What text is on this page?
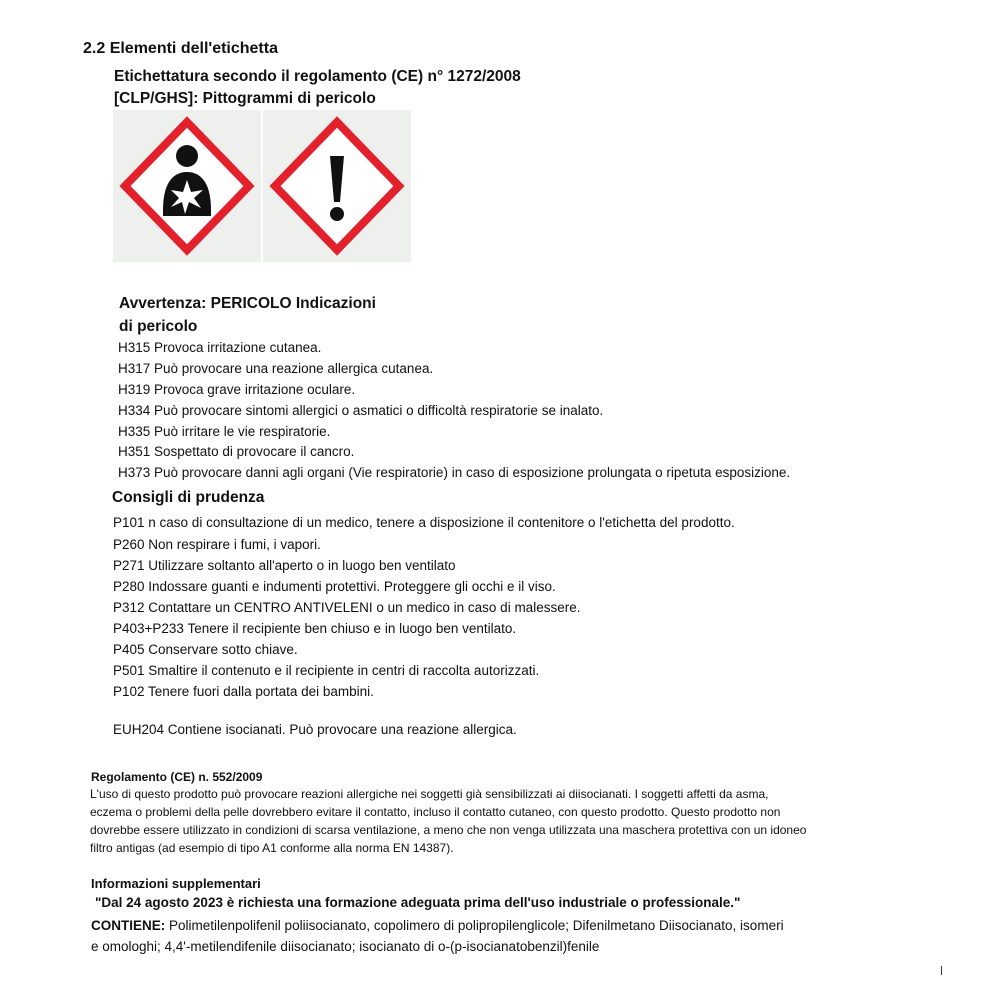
2.2 Elementi dell'etichetta
Etichettatura secondo il regolamento (CE) n° 1272/2008
[CLP/GHS]: Pittogrammi di pericolo
Avvertenza: PERICOLO Indicazioni
di pericolo
H315 Provoca irritazione cutanea.
H317 Può provocare una reazione allergica cutanea.
H319 Provoca grave irritazione oculare.
H334 Può provocare sintomi allergici o asmatici o difficoltà respiratorie se inalato.
H335 Può irritare le vie respiratorie.
H351 Sospettato di provocare il cancro.
H373 Può provocare danni agli organi (Vie respiratorie) in caso di esposizione prolungata o ripetuta esposizione.
Consigli di prudenza
P101 n caso di consultazione di un medico, tenere a disposizione il contenitore o l'etichetta del prodotto.
P260 Non respirare i fumi, i vapori.
P271 Utilizzare soltanto all'aperto o in luogo ben ventilato
P280 Indossare guanti e indumenti protettivi. Proteggere gli occhi e il viso.
P312 Contattare un CENTRO ANTIVELENI o un medico in caso di malessere.
P403+P233 Tenere il recipiente ben chiuso e in luogo ben ventilato.
P405 Conservare sotto chiave.
P501 Smaltire il contenuto e il recipiente in centri di raccolta autorizzati.
P102 Tenere fuori dalla portata dei bambini.
EUH204 Contiene isocianati. Può provocare una reazione allergica.
Regolamento (CE) n. 552/2009
L'uso di questo prodotto può provocare reazioni allergiche nei soggetti già sensibilizzati ai diisocianati. I soggetti affetti da asma,
eczema o problemi della pelle dovrebbero evitare il contatto, incluso il contatto cutaneo, con questo prodotto. Questo prodotto non
dovrebbe essere utilizzato in condizioni di scarsa ventilazione, a meno che non venga utilizzata una maschera protettiva con un idoneo
filtro antigas (ad esempio di tipo A1 conforme alla norma EN 14387).
Informazioni supplementari
"Dal 24 agosto 2023 è richiesta una formazione adeguata prima dell'uso industriale o professionale."
CONTIENE: Polimetilenpolifenil poliisocianato, copolimero di polipropilenglicole; Difenilmetano Diisocianato, isomeri
e omologhi; 4,4'-metilendifenile diisocianato; isocianato di o-(p-isocianatobenzil)fenile
